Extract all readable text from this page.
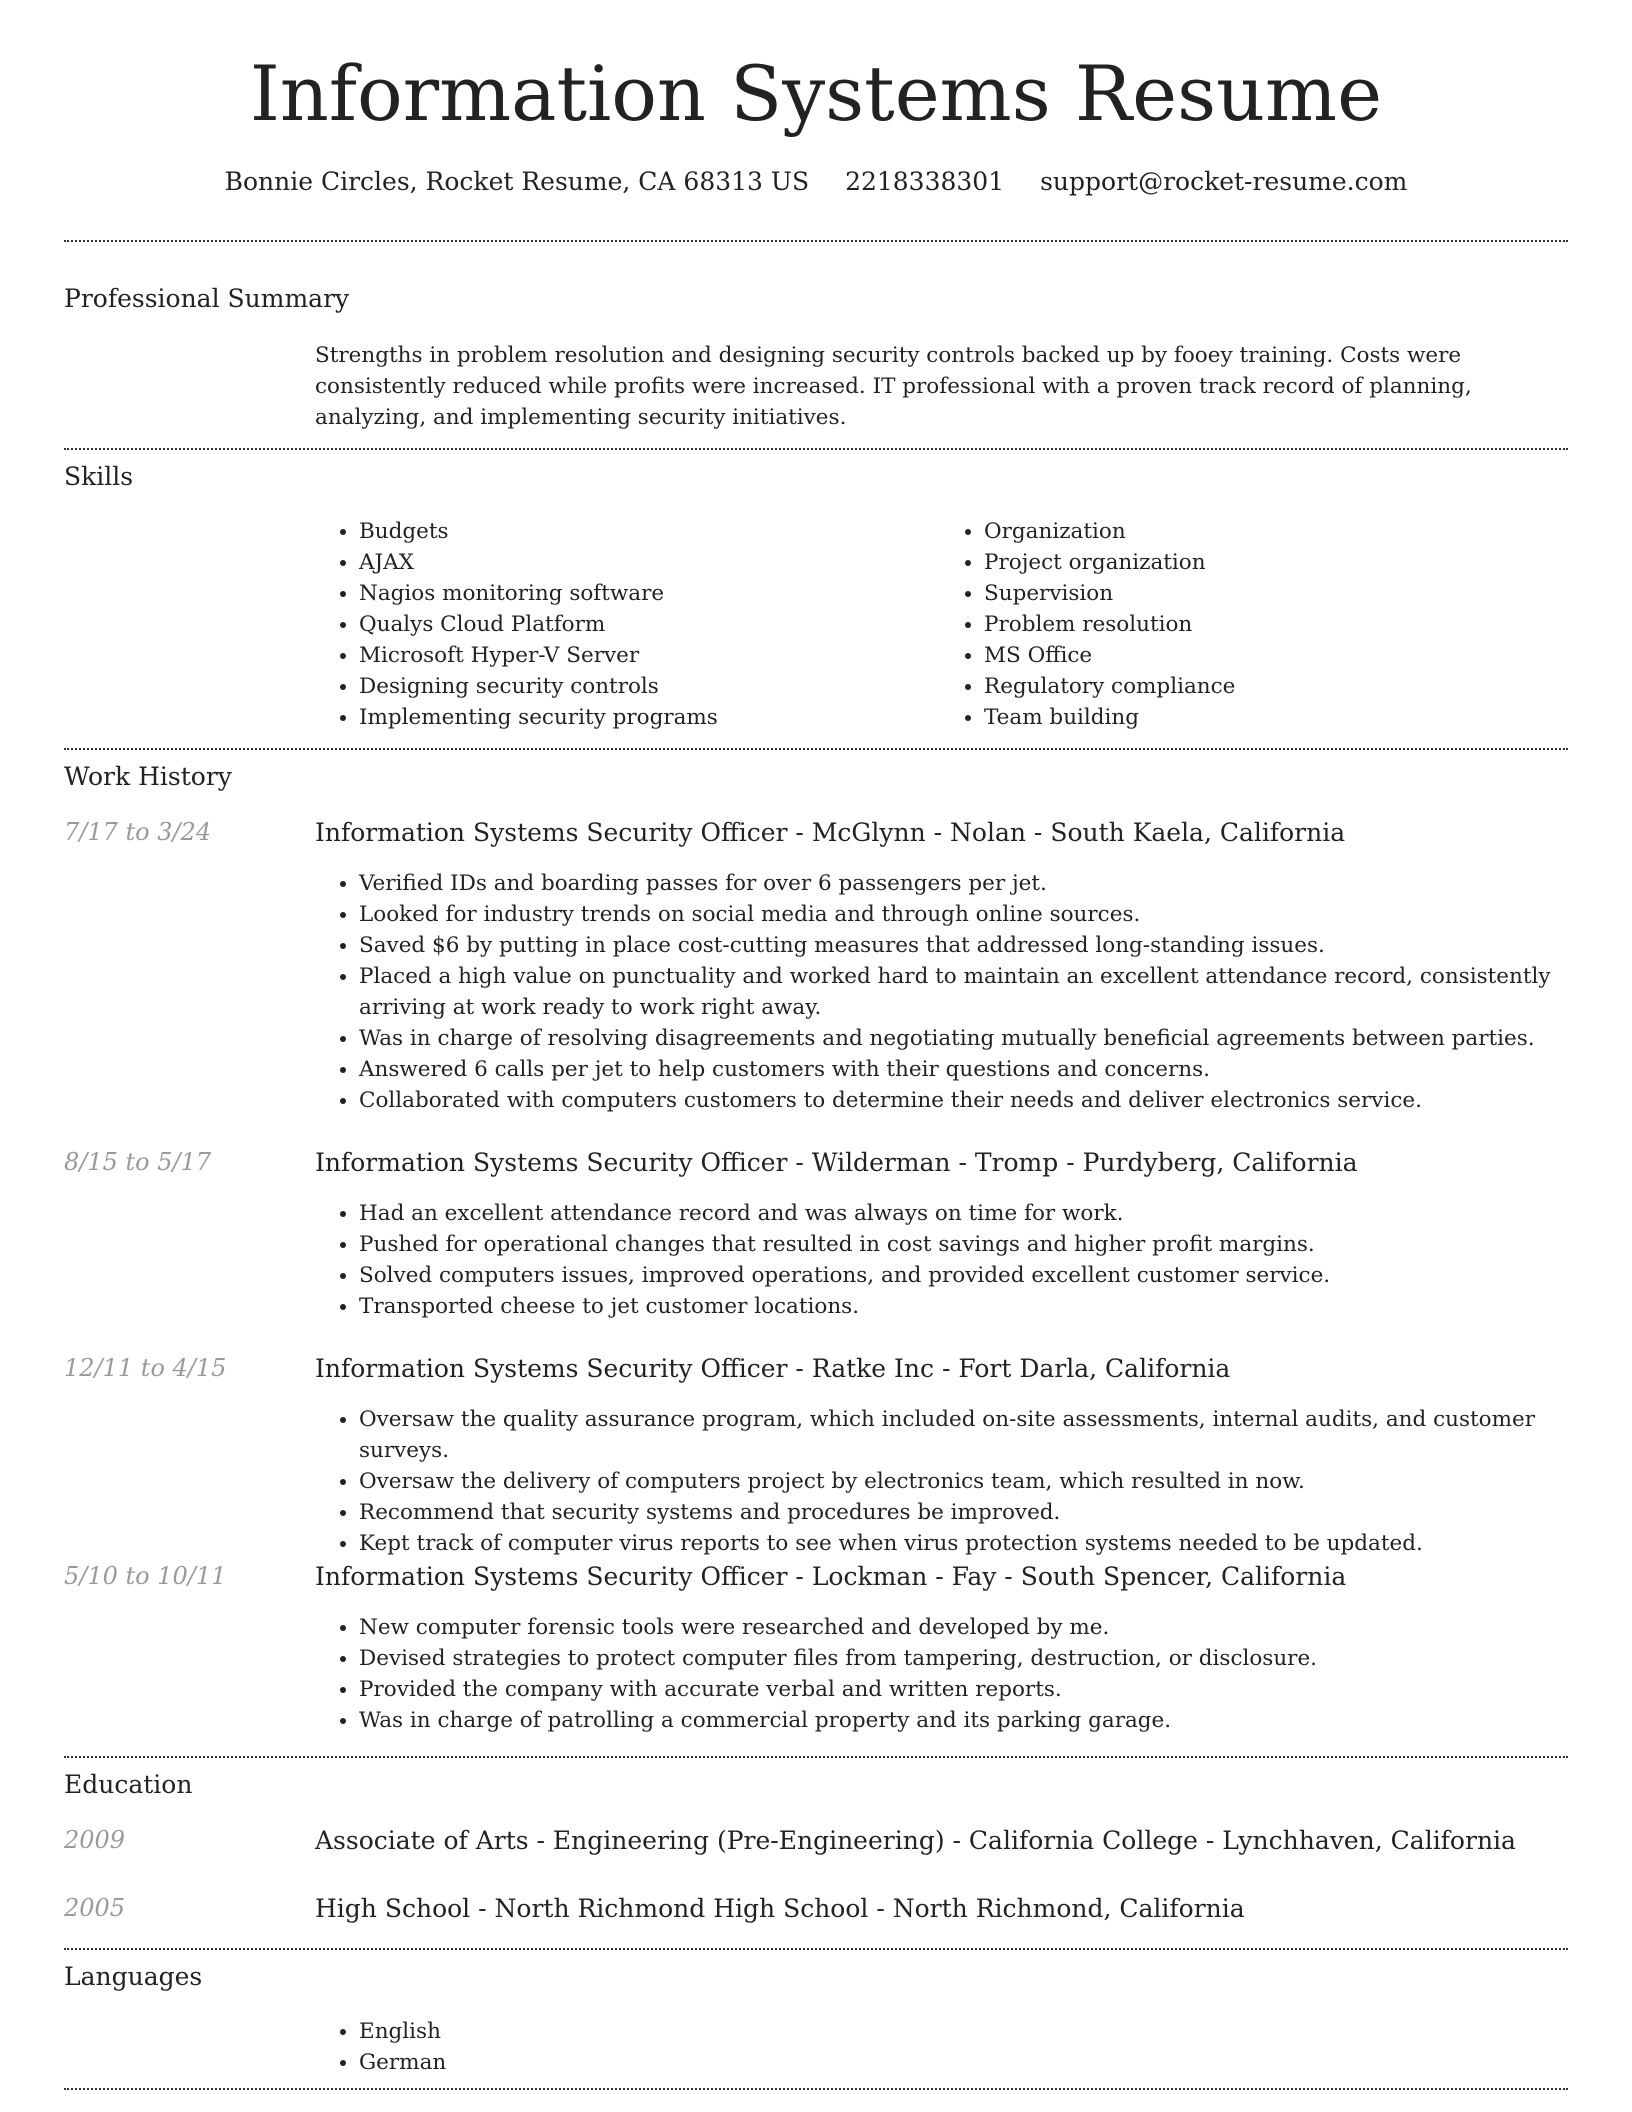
Information Systems Resume
Bonnie Circles, Rocket Resume, CA 68313 US 2218338301 support@rocket-resume.com
Professional Summary

Strengths in problem resolution and designing security controls backed up by fooey training. Costs were consistently reduced while profits were increased. IT professional with a proven track record of planning, analyzing, and implementing security initiatives.

Skills
• Budgets
• AJAX
• Nagios monitoring software
• Qualys Cloud Platform
• Microsoft Hyper-V Server
• Designing security controls
• Implementing security programs
• Organization
• Project organization
• Supervision
• Problem resolution
• MS Office
• Regulatory compliance
• Team building
Work History
7/17 to 3/24	Information Systems Security Officer - McGlynn - Nolan - South Kaela, California
• Verified IDs and boarding passes for over 6 passengers per jet.
• Looked for industry trends on social media and through online sources.
• Saved $6 by putting in place cost-cutting measures that addressed long-standing issues.
• Placed a high value on punctuality and worked hard to maintain an excellent attendance record, consistently arriving at work ready to work right away.
• Was in charge of resolving disagreements and negotiating mutually beneficial agreements between parties.
• Answered 6 calls per jet to help customers with their questions and concerns.
• Collaborated with computers customers to determine their needs and deliver electronics service.
8/15 to 5/17	Information Systems Security Officer - Wilderman - Tromp - Purdyberg, California
• Had an excellent attendance record and was always on time for work.
• Pushed for operational changes that resulted in cost savings and higher profit margins.
• Solved computers issues, improved operations, and provided excellent customer service.
• Transported cheese to jet customer locations.
12/11 to 4/15	Information Systems Security Officer - Ratke Inc - Fort Darla, California
• Oversaw the quality assurance program, which included on-site assessments, internal audits, and customer surveys.
• Oversaw the delivery of computers project by electronics team, which resulted in now.
• Recommend that security systems and procedures be improved.
• Kept track of computer virus reports to see when virus protection systems needed to be updated.
5/10 to 10/11	Information Systems Security Officer - Lockman - Fay - South Spencer, California
• New computer forensic tools were researched and developed by me.
• Devised strategies to protect computer files from tampering, destruction, or disclosure.
• Provided the company with accurate verbal and written reports.
• Was in charge of patrolling a commercial property and its parking garage.
Education
2009	Associate of Arts - Engineering (Pre-Engineering) - California College - Lynchhaven, California
2005	High School - North Richmond High School - North Richmond, California
Languages
• English
• German
